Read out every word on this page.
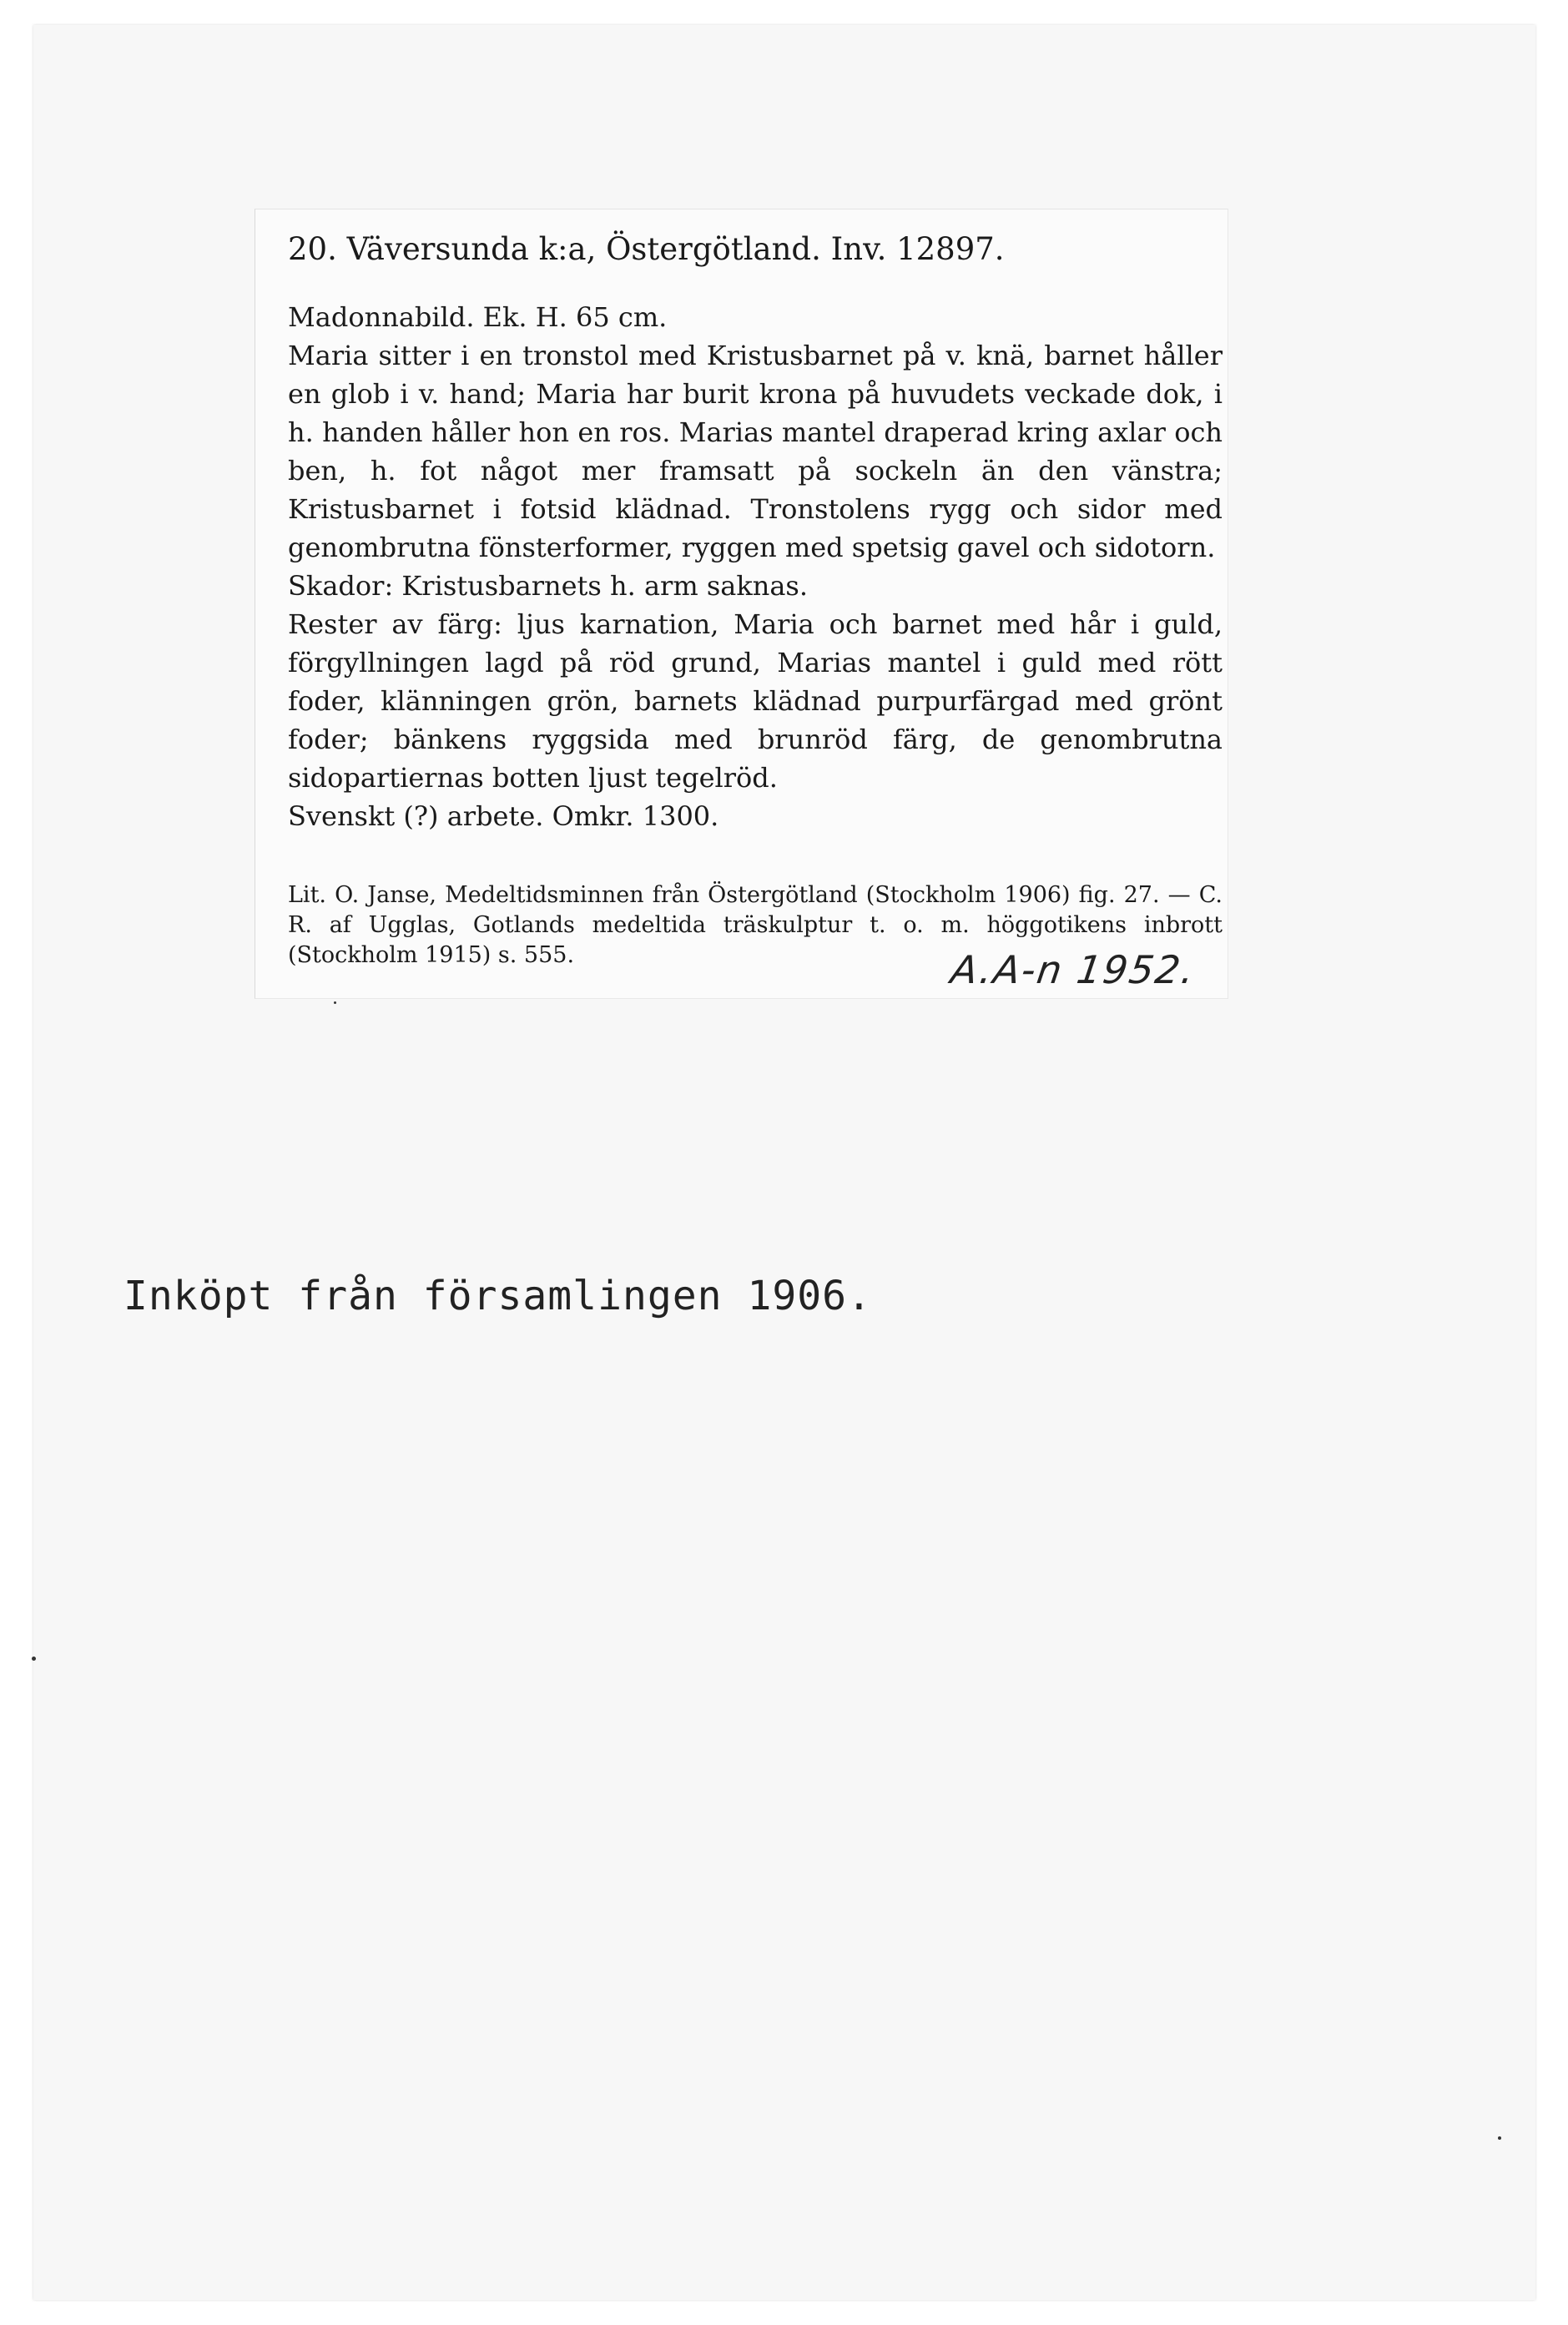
20. Väversunda k:a, Östergötland. Inv. 12897.

Madonnabild. Ek. H. 65 cm.

Maria sitter i en tronstol med Kristusbarnet på v. knä, barnet håller en glob i v. hand; Maria har burit krona på huvudets veckade dok, i h. handen håller hon en ros. Marias mantel draperad kring axlar och ben, h. fot något mer framsatt på sockeln än den vänstra; Kristusbarnet i fotsid klädnad. Tronstolens rygg och sidor med genombrutna fönsterformer, ryggen med spetsig gavel och sidotorn.

Skador: Kristusbarnets h. arm saknas.

Rester av färg: ljus karnation, Maria och barnet med hår i guld, förgyllningen lagd på röd grund, Marias mantel i guld med rött foder, klänningen grön, barnets klädnad purpurfärgad med grönt foder; bänkens ryggsida med brunröd färg, de genombrutna sidopartiernas botten ljust tegelröd.

Svenskt (?) arbete. Omkr. 1300.

Lit. O. Janse, Medeltidsminnen från Östergötland (Stockholm 1906) fig. 27. — C. R. af Ugglas, Gotlands medeltida träskulptur t. o. m. höggotikens inbrott (Stockholm 1915) s. 555.	A.A-n 1952.
Inköpt från församlingen 1906.
